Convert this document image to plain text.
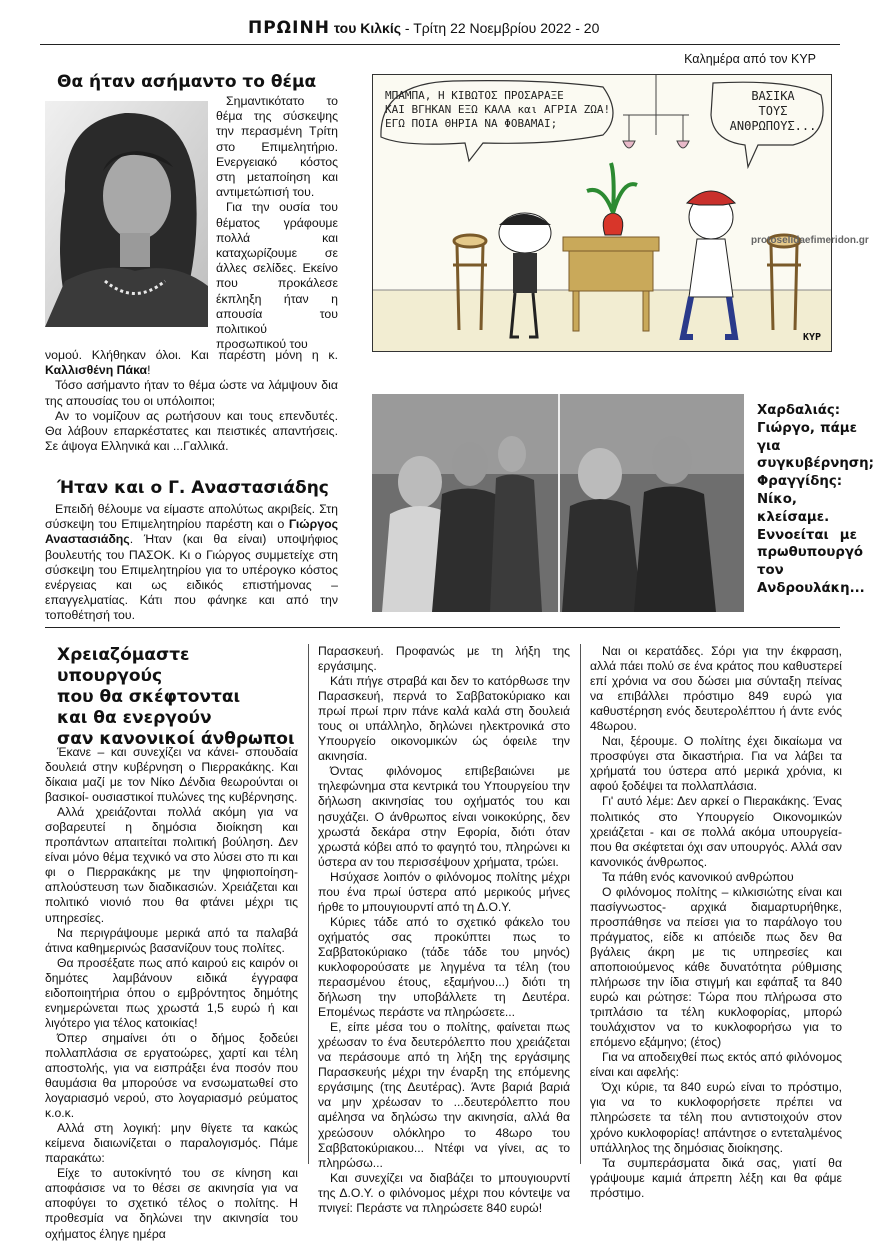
ΠΡΩΙΝΗ του Κιλκίς - Τρίτη 22 Νοεμβρίου 2022 - 20
Καλημέρα από τον ΚΥΡ
Θα ήταν ασήμαντο το θέμα

Σημαντικότατο το θέμα της σύσκεψης την περασμένη Τρίτη στο Επιμελητήριο. Ενεργειακό κόστος στη μεταποίηση και αντιμετώπισή του.

Για την ουσία του θέματος γράφουμε πολλά και καταχωρίζουμε σε άλλες σελίδες. Εκείνο που προκάλεσε έκπληξη ήταν η απουσία του πολιτικού προσωπικού του

νομού. Κλήθηκαν όλοι. Και παρέστη μόνη η κ. Καλλισθένη Πάκα!

Τόσο ασήμαντο ήταν το θέμα ώστε να λάμψουν δια της απουσίας του οι υπόλοιποι;

Αν το νομίζουν ας ρωτήσουν και τους επενδυτές. Θα λάβουν επαρκέστατες και πειστικές απαντήσεις. Σε άψογα Ελληνικά και ...Γαλλικά.

Ήταν και ο Γ. Αναστασιάδης

Επειδή θέλουμε να είμαστε απολύτως ακριβείς. Στη σύσκεψη του Επιμελητηρίου παρέστη και ο Γιώργος Αναστασιάδης. Ήταν (και θα είναι) υποψήφιος βουλευτής του ΠΑΣΟΚ. Κι ο Γιώργος συμμετείχε στη σύσκεψη του Επιμελητηρίου για το υπέρογκο κόστος ενέργειας και ως ειδικός επιστήμονας – επαγγελματίας. Κάτι που φάνηκε και από την τοποθέτησή του.

ΜΠΑΜΠΑ, Η ΚΙΒΩΤΟΣ ΠΡΟΣΑΡΑΞΕ
ΚΑΙ ΒΓΗΚΑΝ ΕΞΩ ΚΑΛΑ και ΑΓΡΙΑ ΖΩΑ!
ΕΓΩ ΠΟΙΑ ΘΗΡΙΑ ΝΑ ΦΟΒΑΜΑΙ;
ΒΑΣΙΚΑ
ΤΟΥΣ
ΑΝΘΡΩΠΟΥΣ...
protoselidaefimeridon.gr
ΚΥΡ
Χαρδαλιάς: Γιώργο, πάμε για συγκυβέρνηση; Φραγγίδης: Νίκο, κλείσαμε. Εννοείται με πρωθυπουργό τον Ανδρουλάκη...
Χρειαζόμαστε υπουργούς
που θα σκέφτονται
και θα ενεργούν
σαν κανονικοί άνθρωποι

Έκανε – και συνεχίζει να κάνει- σπουδαία δουλειά στην κυβέρνηση ο Πιερρακάκης. Και δίκαια μαζί με τον Νίκο Δένδια θεωρούνται οι βασικοί- ουσιαστικοί πυλώνες της κυβέρνησης.

Αλλά χρειάζονται πολλά ακόμη για να σοβαρευτεί η δημόσια διοίκηση και προπάντων απαιτείται πολιτική βούληση. Δεν είναι μόνο θέμα τεχνικό να στο λύσει στο πι και φι ο Πιερρακάκης με την ψηφιοποίηση-απλούστευση των διαδικασιών. Χρειάζεται και πολιτικό νιονιό που θα φτάνει μέχρι τις υπηρεσίες.

Να περιγράψουμε μερικά από τα παλαβά άτινα καθημερινώς βασανίζουν τους πολίτες.

Θα προσέξατε πως από καιρού εις καιρόν οι δημότες λαμβάνουν ειδικά έγγραφα ειδοποιητήρια όπου ο εμβρόντητος δημότης ενημερώνεται πως χρωστά 1,5 ευρώ ή και λιγότερο για τέλος κατοικίας!

Όπερ σημαίνει ότι ο δήμος ξοδεύει πολλαπλάσια σε εργατοώρες, χαρτί και τέλη αποστολής, για να εισπράξει ένα ποσόν που θαυμάσια θα μπορούσε να ενσωματωθεί στο λογαριασμό νερού, στο λογαριασμό ρεύματος κ.ο.κ.

Αλλά στη λογική: μην θίγετε τα κακώς κείμενα διαιωνίζεται ο παραλογισμός. Πάμε παρακάτω:

Είχε το αυτοκίνητό του σε κίνηση και αποφάσισε να το θέσει σε ακινησία για να αποφύγει το σχετικό τέλος ο πολίτης. Η προθεσμία να δηλώνει την ακινησία του οχήματος έληγε ημέρα

Παρασκευή. Προφανώς με τη λήξη της εργάσιμης.

Κάτι πήγε στραβά και δεν το κατόρθωσε την Παρασκευή, περνά το Σαββατοκύριακο και πρωί πρωί πριν πάνε καλά καλά στη δουλειά τους οι υπάλληλο, δηλώνει ηλεκτρονικά στο Υπουργείο οικονομικών ώς όφειλε την ακινησία.

Όντας φιλόνομος επιβεβαιώνει με τηλεφώνημα στα κεντρικά του Υπουργείου την δήλωση ακινησίας του οχήματός του και ησυχάζει. Ο άνθρωπος είναι νοικοκύρης, δεν χρωστά δεκάρα στην Εφορία, διότι όταν χρωστά κόβει από το φαγητό του, πληρώνει κι ύστερα αν του περισσέψουν χρήματα, τρώει.

Ησύχασε λοιπόν ο φιλόνομος πολίτης μέχρι που ένα πρωί ύστερα από μερικούς μήνες ήρθε το μπουγιουρντί από τη Δ.Ο.Υ.

Κύριες τάδε από το σχετικό φάκελο του οχήματός σας προκύπτει πως το Σαββατοκύριακο (τάδε τάδε του μηνός) κυκλοφορούσατε με ληγμένα τα τέλη (του περασμένου έτους, εξαμήνου...) διότι τη δήλωση την υποβάλλετε τη Δευτέρα. Επομένως περάστε να πληρώσετε...

Ε, είπε μέσα του ο πολίτης, φαίνεται πως χρέωσαν το ένα δευτερόλεπτο που χρειάζεται να περάσουμε από τη λήξη της εργάσιμης Παρασκευής μέχρι την έναρξη της επόμενης εργάσιμης (της Δευτέρας). Άντε βαριά βαριά να μην χρέωσαν το ...δευτερόλεπτο που αμέλησα να δηλώσω την ακινησία, αλλά θα χρεώσουν ολόκληρο το 48ωρο του Σαββατοκύριακου... Ντέφι να γίνει, ας το πληρώσω...

Και συνεχίζει να διαβάζει το μπουγιουρντί της Δ.Ο.Υ. ο φιλόνομος μέχρι που κόντεψε να πνιγεί: Περάστε να πληρώσετε 840 ευρώ!

Ναι οι κερατάδες. Σόρι για την έκφραση, αλλά πάει πολύ σε ένα κράτος που καθυστερεί επί χρόνια να σου δώσει μια σύνταξη πείνας να επιβάλλει πρόστιμο 849 ευρώ για καθυστέρηση ενός δευτερολέπτου ή άντε ενός 48ωρου.

Ναι, ξέρουμε. Ο πολίτης έχει δικαίωμα να προσφύγει στα δικαστήρια. Για να λάβει τα χρήματά του ύστερα από μερικά χρόνια, κι αφού ξοδέψει τα πολλαπλάσια.

Γι' αυτό λέμε: Δεν αρκεί ο Πιερακάκης. Ένας πολιτικός στο Υπουργείο Οικονομικών χρειάζεται - και σε πολλά ακόμα υπουργεία- που θα σκέφτεται όχι σαν υπουργός. Αλλά σαν κανονικός άνθρωπος.

Τα πάθη ενός κανονικού ανθρώπου

Ο φιλόνομος πολίτης – κιλκισιώτης είναι και πασίγνωστος- αρχικά διαμαρτυρήθηκε, προσπάθησε να πείσει για το παράλογο του πράγματος, είδε κι απόειδε πως δεν θα βγάλεις άκρη με τις υπηρεσίες και αποποιούμενος κάθε δυνατότητα ρύθμισης πλήρωσε την ίδια στιγμή και εφάπαξ τα 840 ευρώ και ρώτησε: Τώρα που πλήρωσα στο τριπλάσιο τα τέλη κυκλοφορίας, μπορώ τουλάχιστον να το κυκλοφορήσω για το επόμενο εξάμηνο; (έτος)

Για να αποδειχθεί πως εκτός από φιλόνομος είναι και αφελής:

Όχι κύριε, τα 840 ευρώ είναι το πρόστιμο, για να το κυκλοφορήσετε πρέπει να πληρώσετε τα τέλη που αντιστοιχούν στον χρόνο κυκλοφορίας! απάντησε ο εντεταλμένος υπάλληλος της δημόσιας διοίκησης.

Τα συμπεράσματα δικά σας, γιατί θα γράψουμε καμιά άπρεπη λέξη και θα φάμε πρόστιμο.
